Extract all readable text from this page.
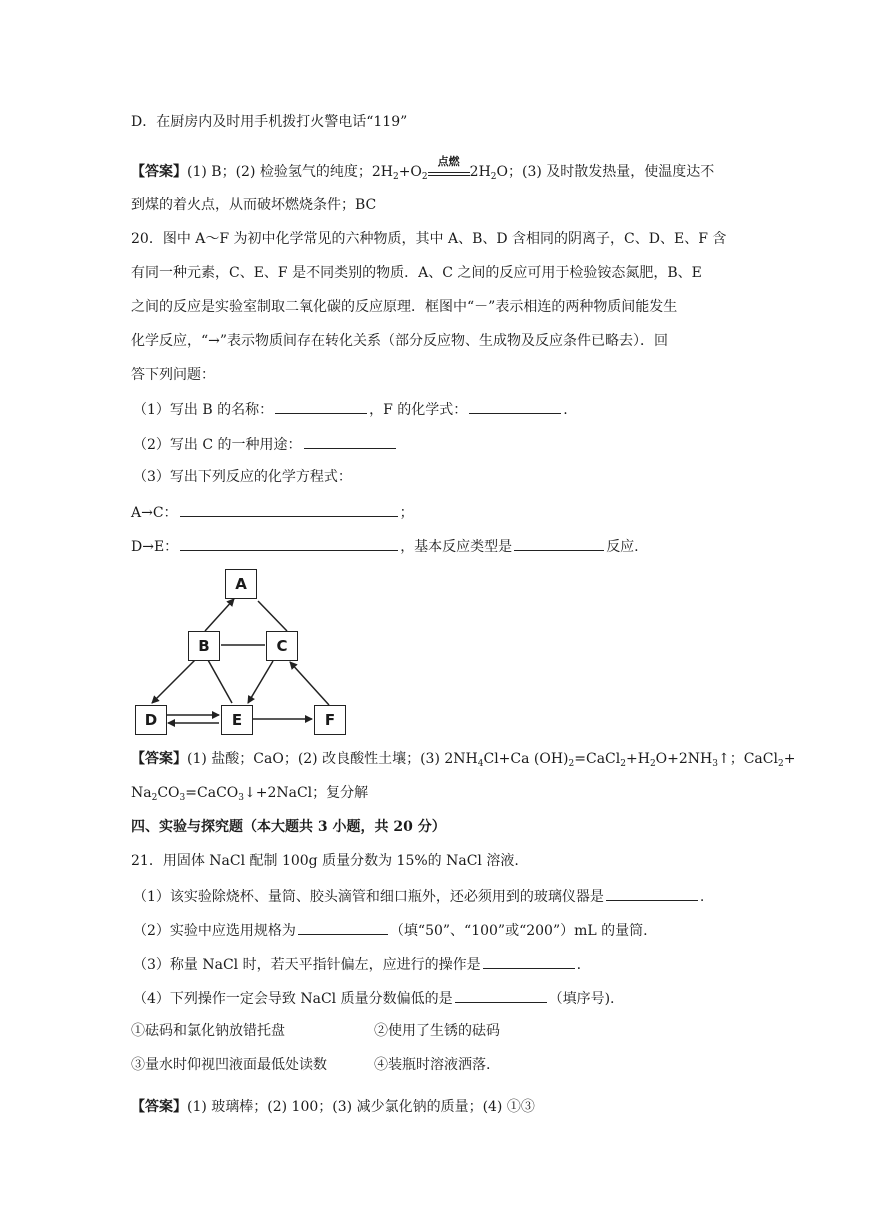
D．在厨房内及时用手机拨打火警电话“119”
【答案】(1) B；(2) 检验氢气的纯度；$2H_2+O_2$
点燃
$2H_2O$；(3) 及时散发热量，使温度达不
到煤的着火点，从而破坏燃烧条件；BC
20．图中 A～F 为初中化学常见的六种物质，其中 A、B、D 含相同的阴离子，C、D、E、F 含
有同一种元素，C、E、F 是不同类别的物质．A、C 之间的反应可用于检验铵态氮肥，B、E
之间的反应是实验室制取二氧化碳的反应原理．框图中“－”表示相连的两种物质间能发生
化学反应，“→”表示物质间存在转化关系（部分反应物、生成物及反应条件已略去）．回
答下列问题：
（1）写出 B 的名称：	，F 的化学式：	.
（2）写出 C 的一种用途：
（3）写出下列反应的化学方程式：
A→C：	；
D→E：	，基本反应类型是	反应.
A
B	C
D	E	F
【答案】(1) 盐酸；CaO；(2) 改良酸性土壤；(3) $2NH_4Cl+Ca$ $(OH)_2=CaCl_2+H_2O+2NH_3↑$；CaCl$_2$+
$Na_2CO_3=CaCO_3↓+2NaCl$；复分解
四、实验与探究题（本大题共 3 小题，共 20 分）
21．用固体 NaCl 配制 100g 质量分数为 15%的 NaCl 溶液.
（1）该实验除烧杯、量筒、胶头滴管和细口瓶外，还必须用到的玻璃仪器是	.
（2）实验中应选用规格为	（填“50”、“100”或“200”）mL 的量筒.
（3）称量 NaCl 时，若天平指针偏左，应进行的操作是	.
（4）下列操作一定会导致 NaCl 质量分数偏低的是	（填序号).
①砝码和氯化钠放错托盘	②使用了生锈的砝码
③量水时仰视凹液面最低处读数	④装瓶时溶液洒落.
【答案】(1) 玻璃棒；(2) 100；(3) 减少氯化钠的质量；(4) ①③
